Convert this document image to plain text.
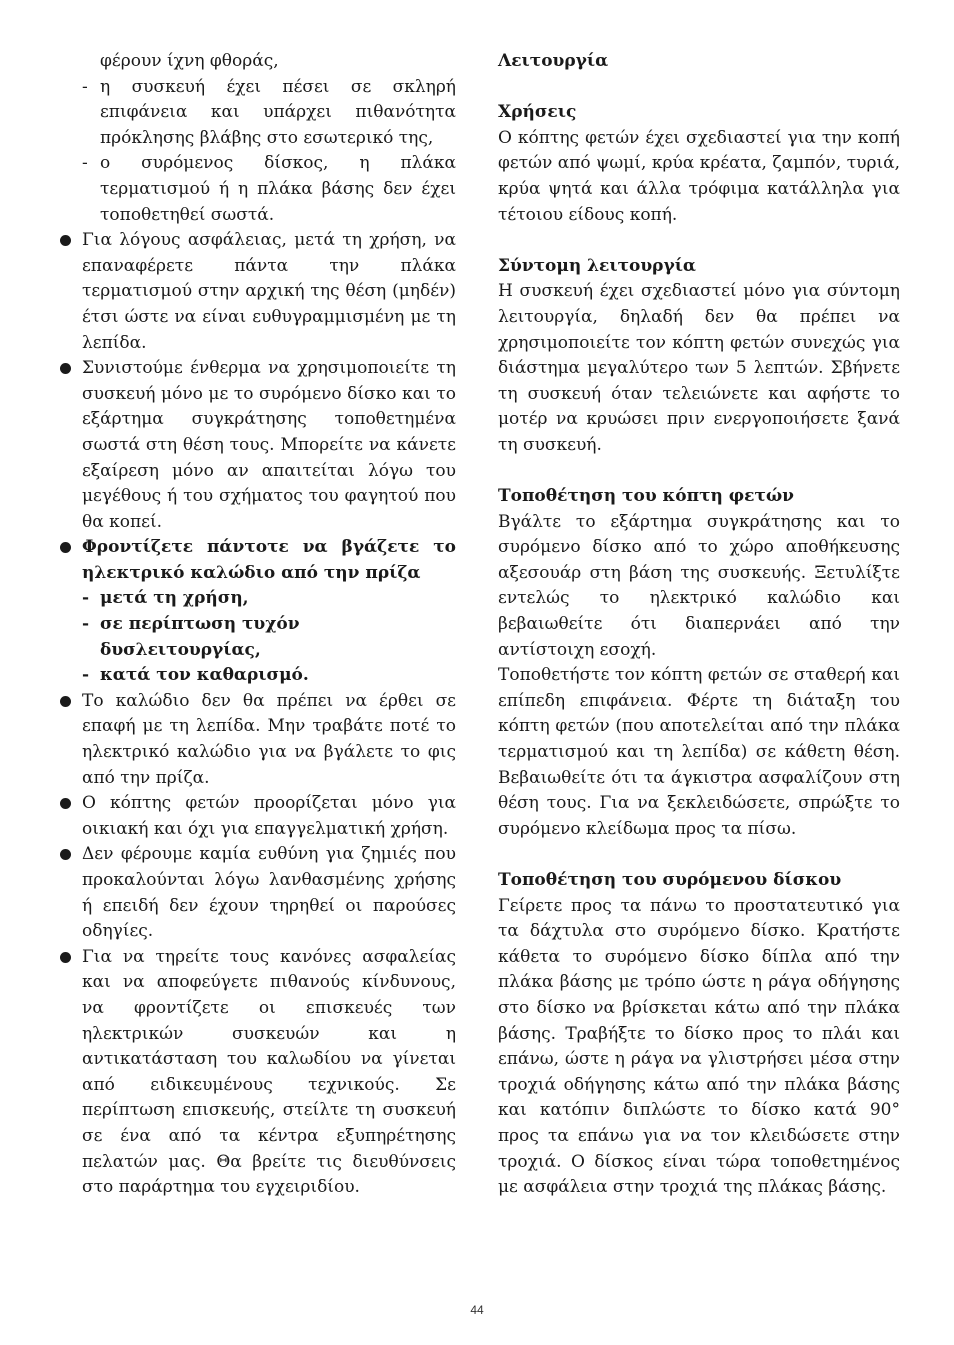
φέρουν ίχνη φθοράς,
- η συσκευή έχει πέσει σε σκληρή επιφάνεια και υπάρχει πιθανότητα πρόκλησης βλάβης στο εσωτερικό της,
- ο συρόμενος δίσκος, η πλάκα τερματισμού ή η πλάκα βάσης δεν έχει τοποθετηθεί σωστά.
Για λόγους ασφάλειας, μετά τη χρήση, να επαναφέρετε πάντα την πλάκα τερματισμού στην αρχική της θέση (μηδέν) έτσι ώστε να είναι ευθυγραμμισμένη με τη λεπίδα.
Συνιστούμε ένθερμα να χρησιμοποιείτε τη συσκευή μόνο με το συρόμενο δίσκο και το εξάρτημα συγκράτησης τοποθετημένα σωστά στη θέση τους. Μπορείτε να κάνετε εξαίρεση μόνο αν απαιτείται λόγω του μεγέθους ή του σχήματος του φαγητού που θα κοπεί.
Φροντίζετε πάντοτε να βγάζετε το ηλεκτρικό καλώδιο από την πρίζα
- μετά τη χρήση,
- σε περίπτωση τυχόν δυσλειτουργίας,
- κατά τον καθαρισμό.
Το καλώδιο δεν θα πρέπει να έρθει σε επαφή με τη λεπίδα. Μην τραβάτε ποτέ το ηλεκτρικό καλώδιο για να βγάλετε το φις από την πρίζα.
Ο κόπτης φετών προορίζεται μόνο για οικιακή και όχι για επαγγελματική χρήση.
Δεν φέρουμε καμία ευθύνη για ζημιές που προκαλούνται λόγω λανθασμένης χρήσης ή επειδή δεν έχουν τηρηθεί οι παρούσες οδηγίες.
Για να τηρείτε τους κανόνες ασφαλείας και να αποφεύγετε πιθανούς κίνδυνους, να φροντίζετε οι επισκευές των ηλεκτρικών συσκευών και η αντικατάσταση του καλωδίου να γίνεται από ειδικευμένους τεχνικούς. Σε περίπτωση επισκευής, στείλτε τη συσκευή σε ένα από τα κέντρα εξυπηρέτησης πελατών μας. Θα βρείτε τις διευθύνσεις στο παράρτημα του εγχειριδίου.
Λειτουργία
Χρήσεις
Ο κόπτης φετών έχει σχεδιαστεί για την κοπή φετών από ψωμί, κρύα κρέατα, ζαμπόν, τυριά, κρύα ψητά και άλλα τρόφιμα κατάλληλα για τέτοιου είδους κοπή.
Σύντομη λειτουργία
Η συσκευή έχει σχεδιαστεί μόνο για σύντομη λειτουργία, δηλαδή δεν θα πρέπει να χρησιμοποιείτε τον κόπτη φετών συνεχώς για διάστημα μεγαλύτερο των 5 λεπτών. Σβήνετε τη συσκευή όταν τελειώνετε και αφήστε το μοτέρ να κρυώσει πριν ενεργοποιήσετε ξανά τη συσκευή.
Τοποθέτηση του κόπτη φετών
Βγάλτε το εξάρτημα συγκράτησης και το συρόμενο δίσκο από το χώρο αποθήκευσης αξεσουάρ στη βάση της συσκευής. Ξετυλίξτε εντελώς το ηλεκτρικό καλώδιο και βεβαιωθείτε ότι διαπερνάει από την αντίστοιχη εσοχή.
Τοποθετήστε τον κόπτη φετών σε σταθερή και επίπεδη επιφάνεια. Φέρτε τη διάταξη του κόπτη φετών (που αποτελείται από την πλάκα τερματισμού και τη λεπίδα) σε κάθετη θέση. Βεβαιωθείτε ότι τα άγκιστρα ασφαλίζουν στη θέση τους. Για να ξεκλειδώσετε, σπρώξτε το συρόμενο κλείδωμα προς τα πίσω.
Τοποθέτηση του συρόμενου δίσκου
Γείρετε προς τα πάνω το προστατευτικό για τα δάχτυλα στο συρόμενο δίσκο. Κρατήστε κάθετα το συρόμενο δίσκο δίπλα από την πλάκα βάσης με τρόπο ώστε η ράγα οδήγησης στο δίσκο να βρίσκεται κάτω από την πλάκα βάσης. Τραβήξτε το δίσκο προς το πλάι και επάνω, ώστε η ράγα να γλιστρήσει μέσα στην τροχιά οδήγησης κάτω από την πλάκα βάσης και κατόπιν διπλώστε το δίσκο κατά 90° προς τα επάνω για να τον κλειδώσετε στην τροχιά. Ο δίσκος είναι τώρα τοποθετημένος με ασφάλεια στην τροχιά της πλάκας βάσης.
44
